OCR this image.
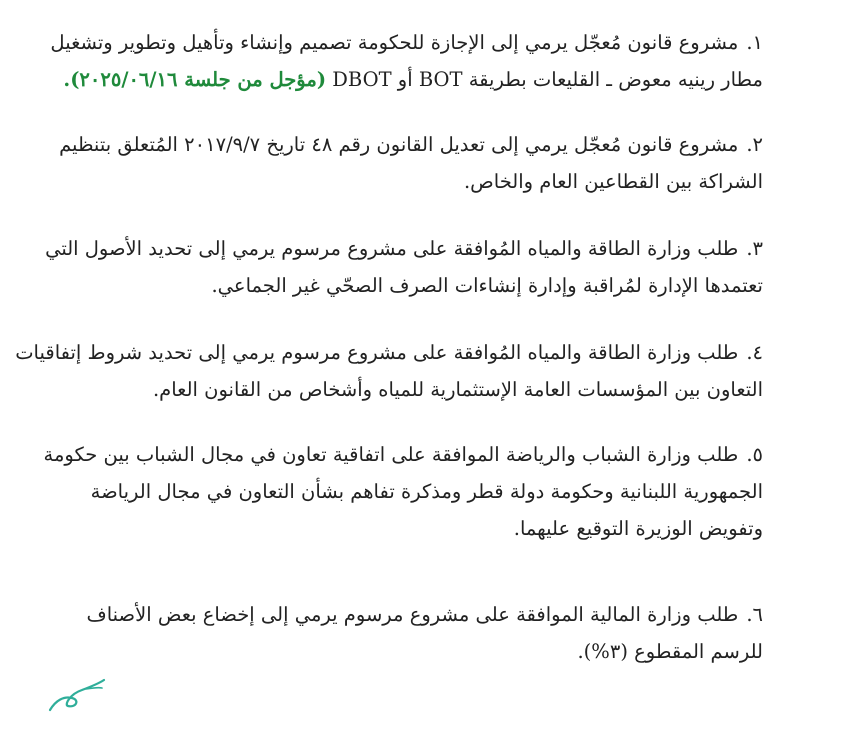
١.مشروع قانون مُعجّل يرمي إلى الإجازة للحكومة تصميم وإنشاء وتأهيل وتطوير وتشغيل
مطار رينيه معوض ـ القليعات بطريقة BOT أو DBOT (مؤجل من جلسة ٢٠٢٥/٠٦/١٦).
٢.مشروع قانون مُعجّل يرمي إلى تعديل القانون رقم ٤٨ تاريخ ٢٠١٧/٩/٧ المُتعلق بتنظيم
الشراكة بين القطاعين العام والخاص.
٣.طلب وزارة الطاقة والمياه المُوافقة على مشروع مرسوم يرمي إلى تحديد الأصول التي
تعتمدها الإدارة لمُراقبة وإدارة إنشاءات الصرف الصحّي غير الجماعي.
٤.طلب وزارة الطاقة والمياه المُوافقة على مشروع مرسوم يرمي إلى تحديد شروط إتفاقيات
التعاون بين المؤسسات العامة الإستثمارية للمياه وأشخاص من القانون العام.
٥.طلب وزارة الشباب والرياضة الموافقة على اتفاقية تعاون في مجال الشباب بين حكومة
الجمهورية اللبنانية وحكومة دولة قطر ومذكرة تفاهم بشأن التعاون في مجال الرياضة
وتفويض الوزيرة التوقيع عليهما.
٦.طلب وزارة المالية الموافقة على مشروع مرسوم يرمي إلى إخضاع بعض الأصناف
للرسم المقطوع (٣%).
